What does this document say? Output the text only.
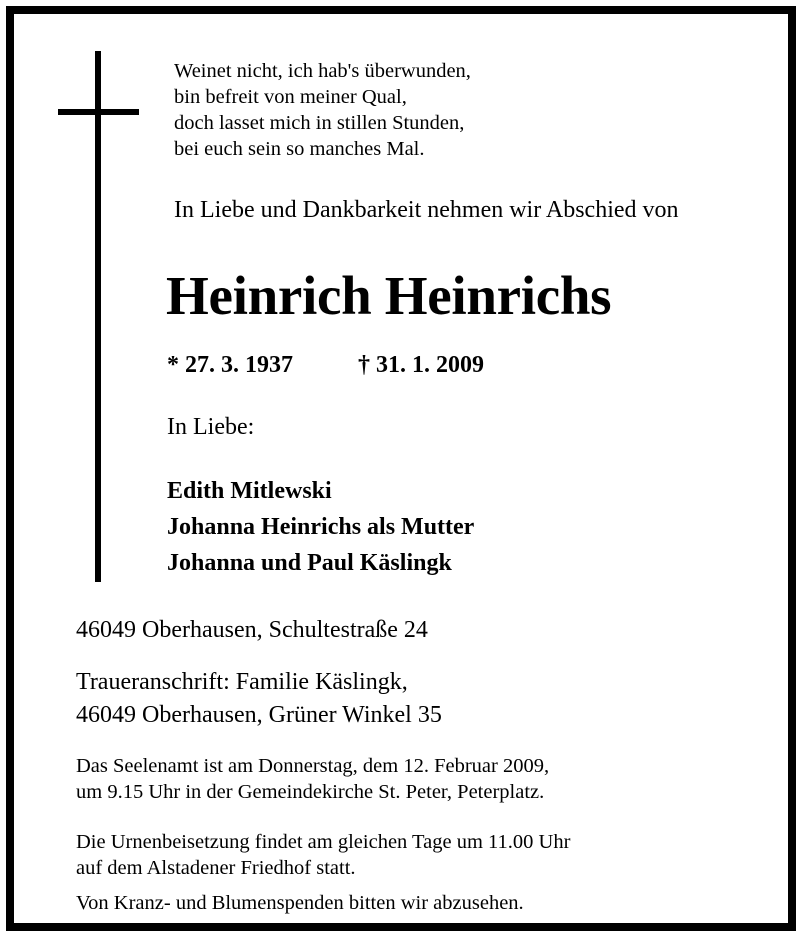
Weinet nicht, ich hab's überwunden,
bin befreit von meiner Qual,
doch lasset mich in stillen Stunden,
bei euch sein so manches Mal.
In Liebe und Dankbarkeit nehmen wir Abschied von
Heinrich Heinrichs
* 27. 3. 1937	† 31. 1. 2009
In Liebe:
Edith Mitlewski
Johanna Heinrichs als Mutter
Johanna und Paul Käslingk
46049 Oberhausen, Schultestraße 24
Traueranschrift: Familie Käslingk,
46049 Oberhausen, Grüner Winkel 35
Das Seelenamt ist am Donnerstag, dem 12. Februar 2009,
um 9.15 Uhr in der Gemeindekirche St. Peter, Peterplatz.
Die Urnenbeisetzung findet am gleichen Tage um 11.00 Uhr
auf dem Alstadener Friedhof statt.
Von Kranz- und Blumenspenden bitten wir abzusehen.
